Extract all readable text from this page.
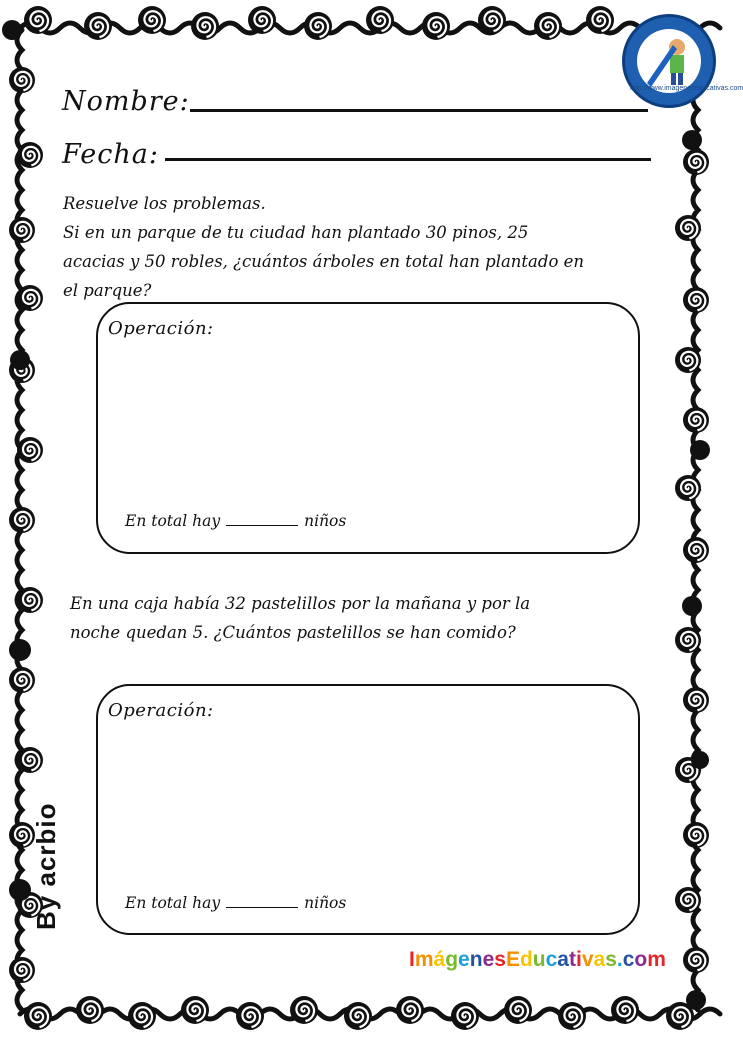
http://www.imageneseducativas.com
Nombre:
Fecha:
Resuelve los problemas.
Si en un parque de tu ciudad han plantado 30 pinos, 25
acacias y 50 robles, ¿cuántos árboles en total han plantado en
el parque?
Operación:
En total hay	niños
En una caja había 32 pastelillos por la mañana y por la
noche quedan 5. ¿Cuántos pastelillos se han comido?
Operación:
En total hay	niños
By acrbio
ImágenesEducativas.com
